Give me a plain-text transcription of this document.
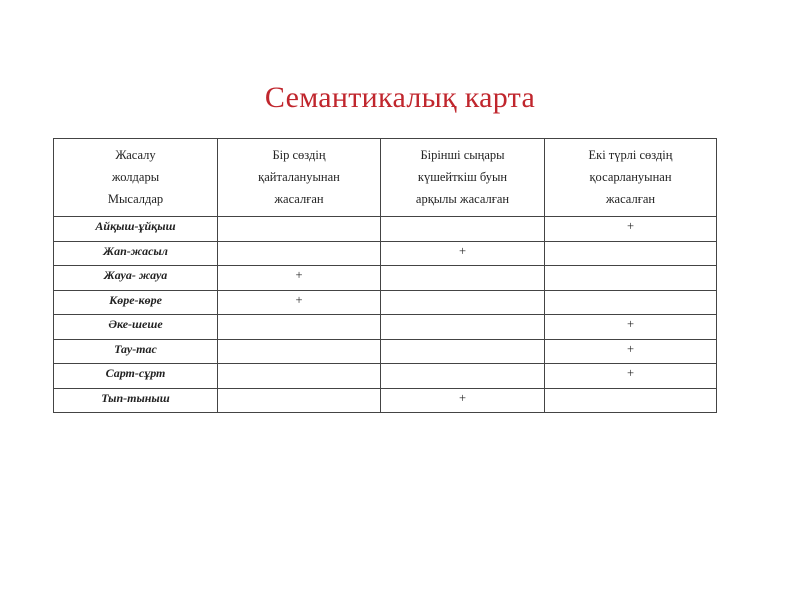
Семантикалық карта
Жасалу
жолдары
Мысалдар	Бір сөздің
қайталануынан
жасалған	Бірінші сыңары
күшейткіш буын
арқылы жасалған	Екі түрлі сөздің
қосарлануынан
жасалған

Айқыш-ұйқыш			+
Жап-жасыл		+	
Жауа- жауа	+		
Көре-көре	+		
Әке-шеше			+
Тау-тас			+
Сарт-сұрт			+
Тып-тыныш		+	
